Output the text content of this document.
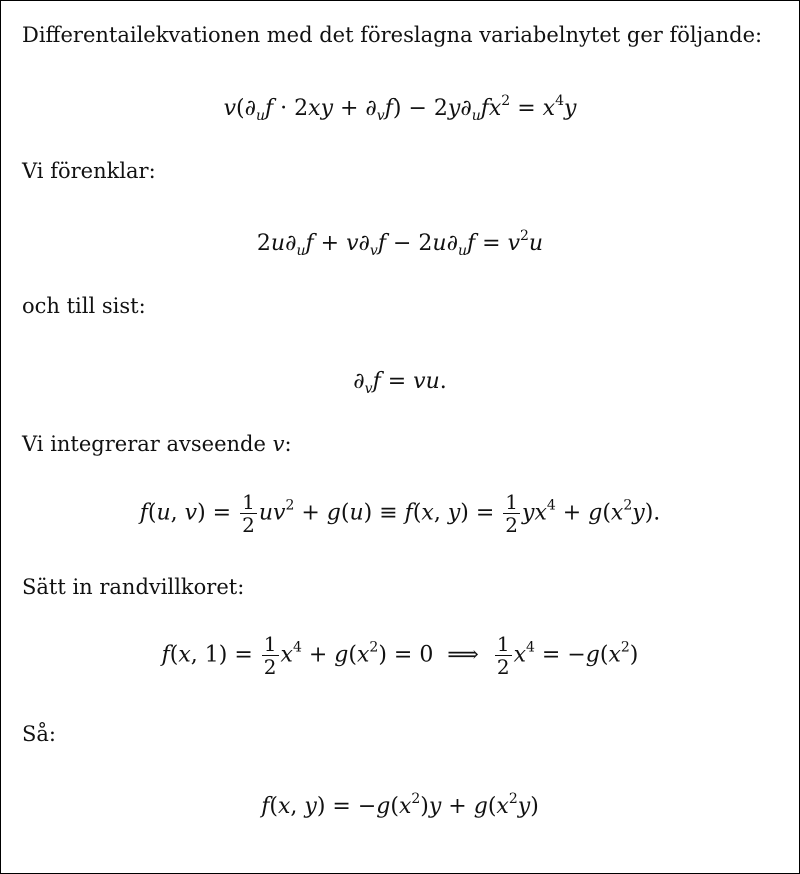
Differentailekvationen med det föreslagna variabelnytet ger följande:
$v(\partial_uf \cdot 2xy + \partial_vf) - 2y\partial_ufx^2 = x^4y$
Vi förenklar:
$2u\partial_uf + v\partial_vf - 2u\partial_uf = v^2u$
och till sist:
$\partial_vf$ = vu.
Vi integrerar avseende v:
f(u, $v) = \frac{1}{2} uv^2 + g(u) \equiv f(x$, $y) = \frac{1}{2} yx^4 + g(x^2y)$.
Sätt in randvillkoret:
f(x, $1) = \frac{1}{2} x^4 + g(x^2) = 0$  ⟹ $\frac{1}{2} x^4 = -g(x^2)$
Så:
f(x, $y) = -g(x^2)y + g(x^2y)$
